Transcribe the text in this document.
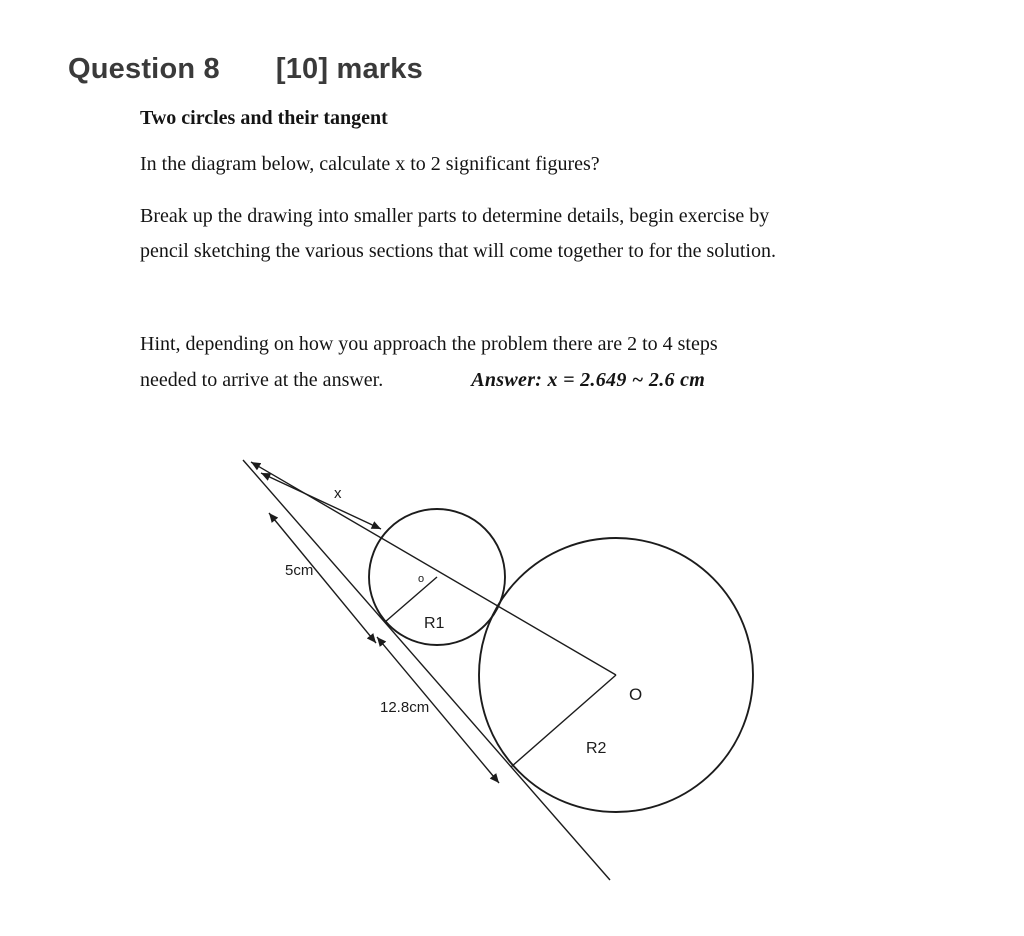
Question 8 [10] marks
Two circles and their tangent
In the diagram below, calculate x to 2 significant figures?
Break up the drawing into smaller parts to determine details, begin exercise by
pencil sketching the various sections that will come together to for the solution.
Hint, depending on how you approach the problem there are 2 to 4 steps
needed to arrive at the answer.	Answer: x = 2.649 ~ 2.6 cm
x
5cm	o
R1
12.8cm
O
R2
